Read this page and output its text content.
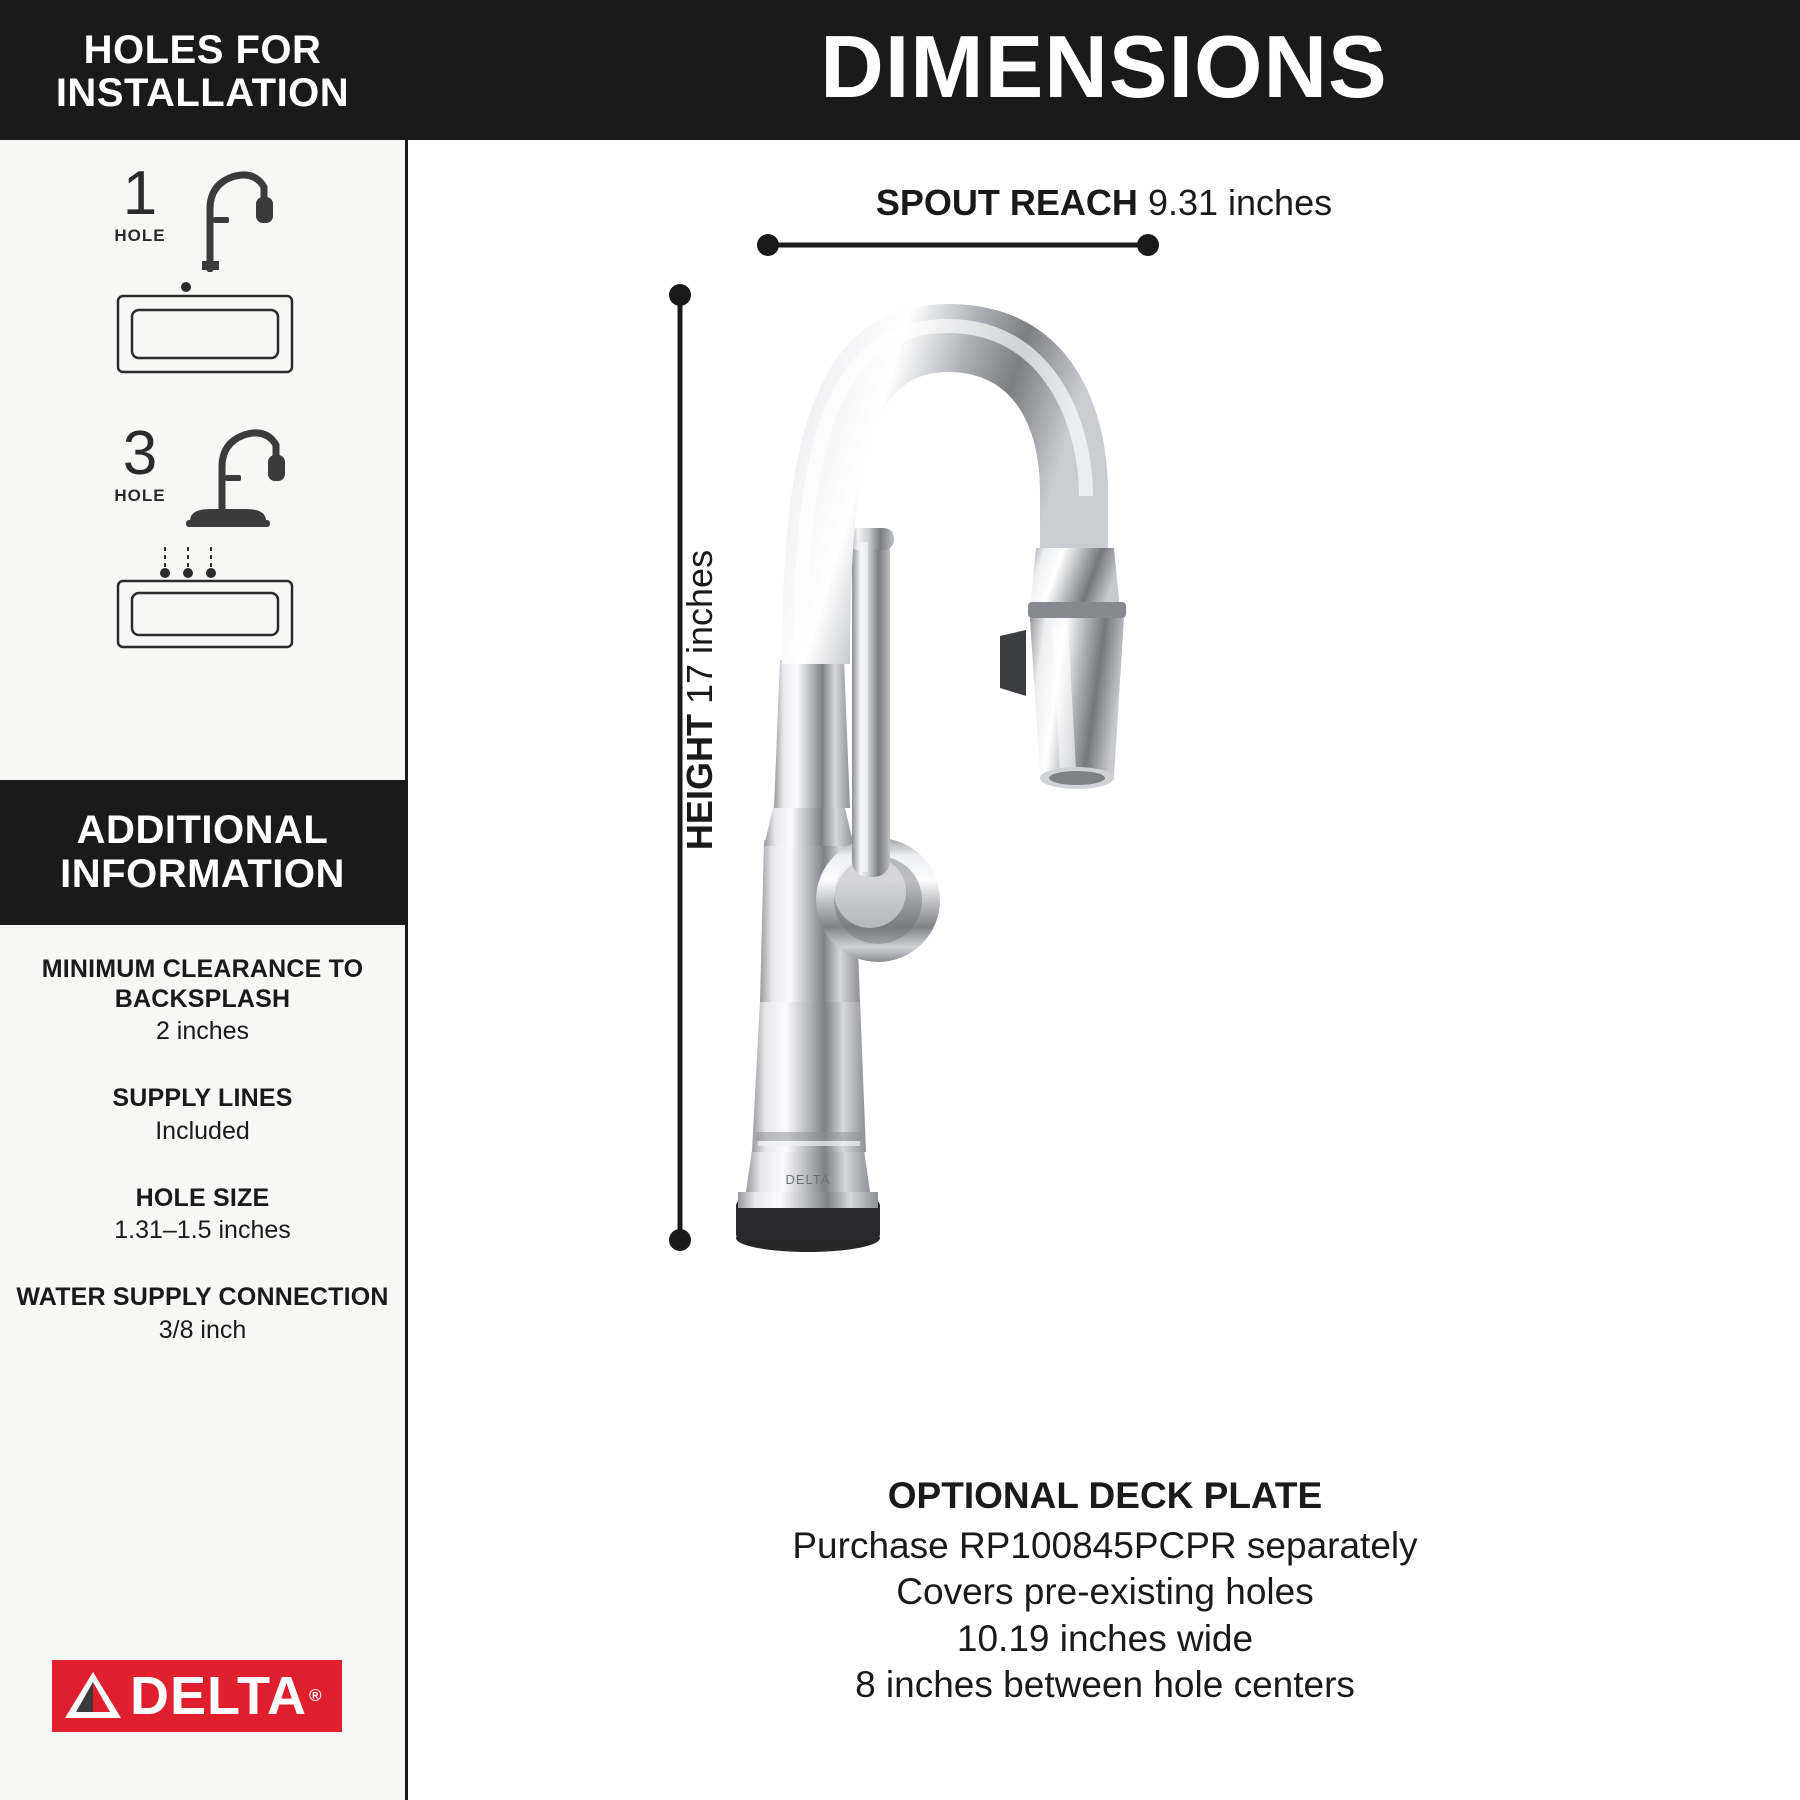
HOLES FOR INSTALLATION
1
HOLE
3
HOLE
ADDITIONAL INFORMATION
MINIMUM CLEARANCE TO BACKSPLASH
2 inches
SUPPLY LINES
Included
HOLE SIZE
1.31–1.5 inches
WATER SUPPLY CONNECTION
3/8 inch
DELTA ®
DIMENSIONS
SPOUT REACH 9.31 inches
HEIGHT 17 inches
DELTA
OPTIONAL DECK PLATE
Purchase RP100845PCPR separately
Covers pre-existing holes
10.19 inches wide
8 inches between hole centers
